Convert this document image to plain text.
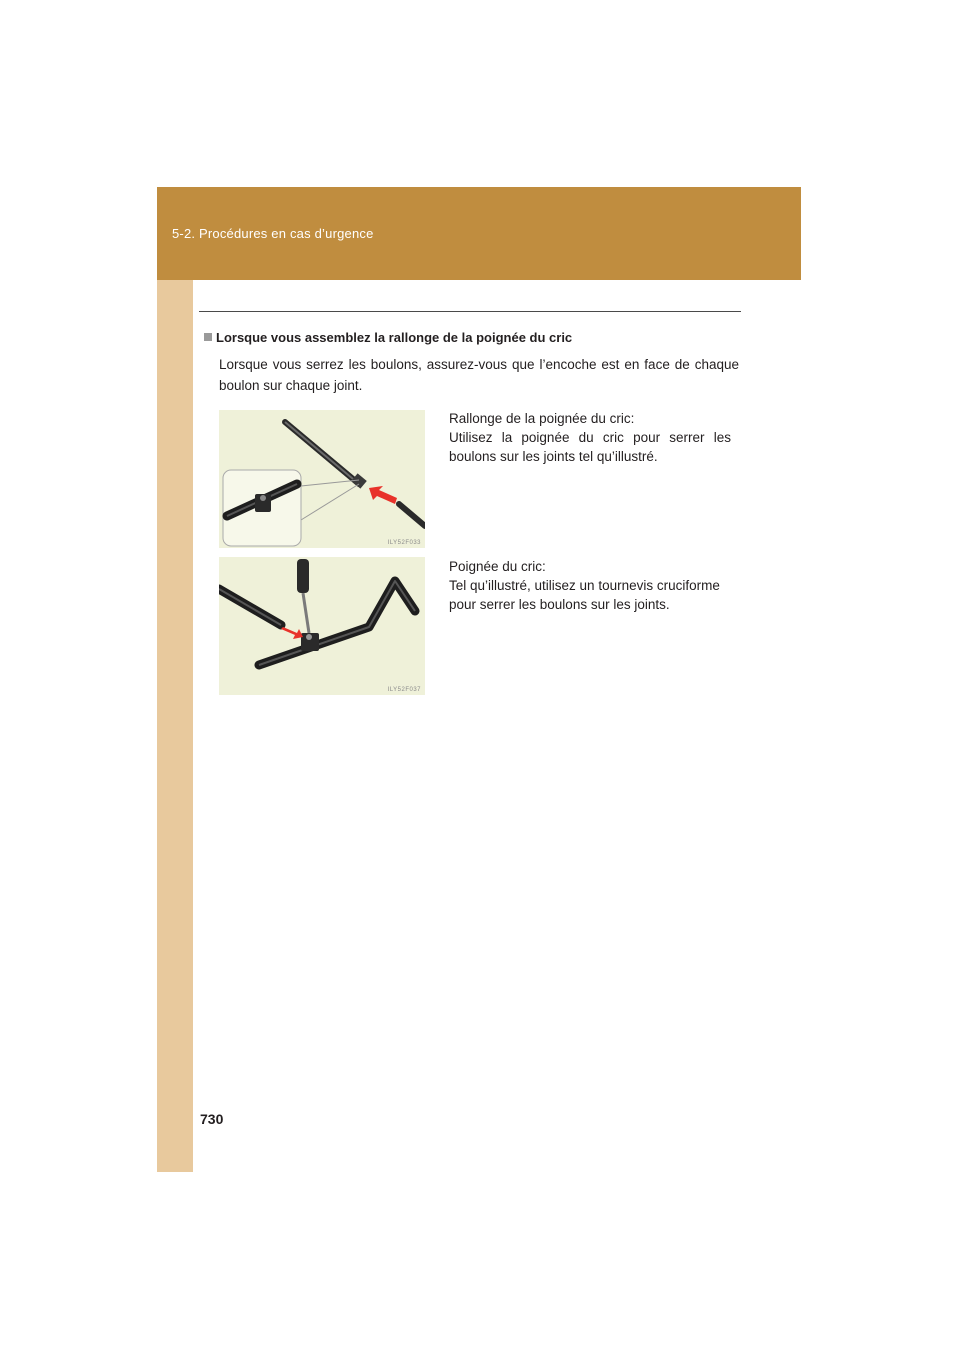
5-2. Procédures en cas d’urgence
Lorsque vous assemblez la rallonge de la poignée du cric
Lorsque vous serrez les boulons, assurez-vous que l’encoche est en face de chaque boulon sur chaque joint.
ILY52F033
Rallonge de la poignée du cric:
Utilisez la poignée du cric pour serrer les boulons sur les joints tel qu’illustré.
ILY52F037
Poignée du cric:
Tel qu’illustré, utilisez un tournevis cruciforme pour serrer les boulons sur les joints.
730
